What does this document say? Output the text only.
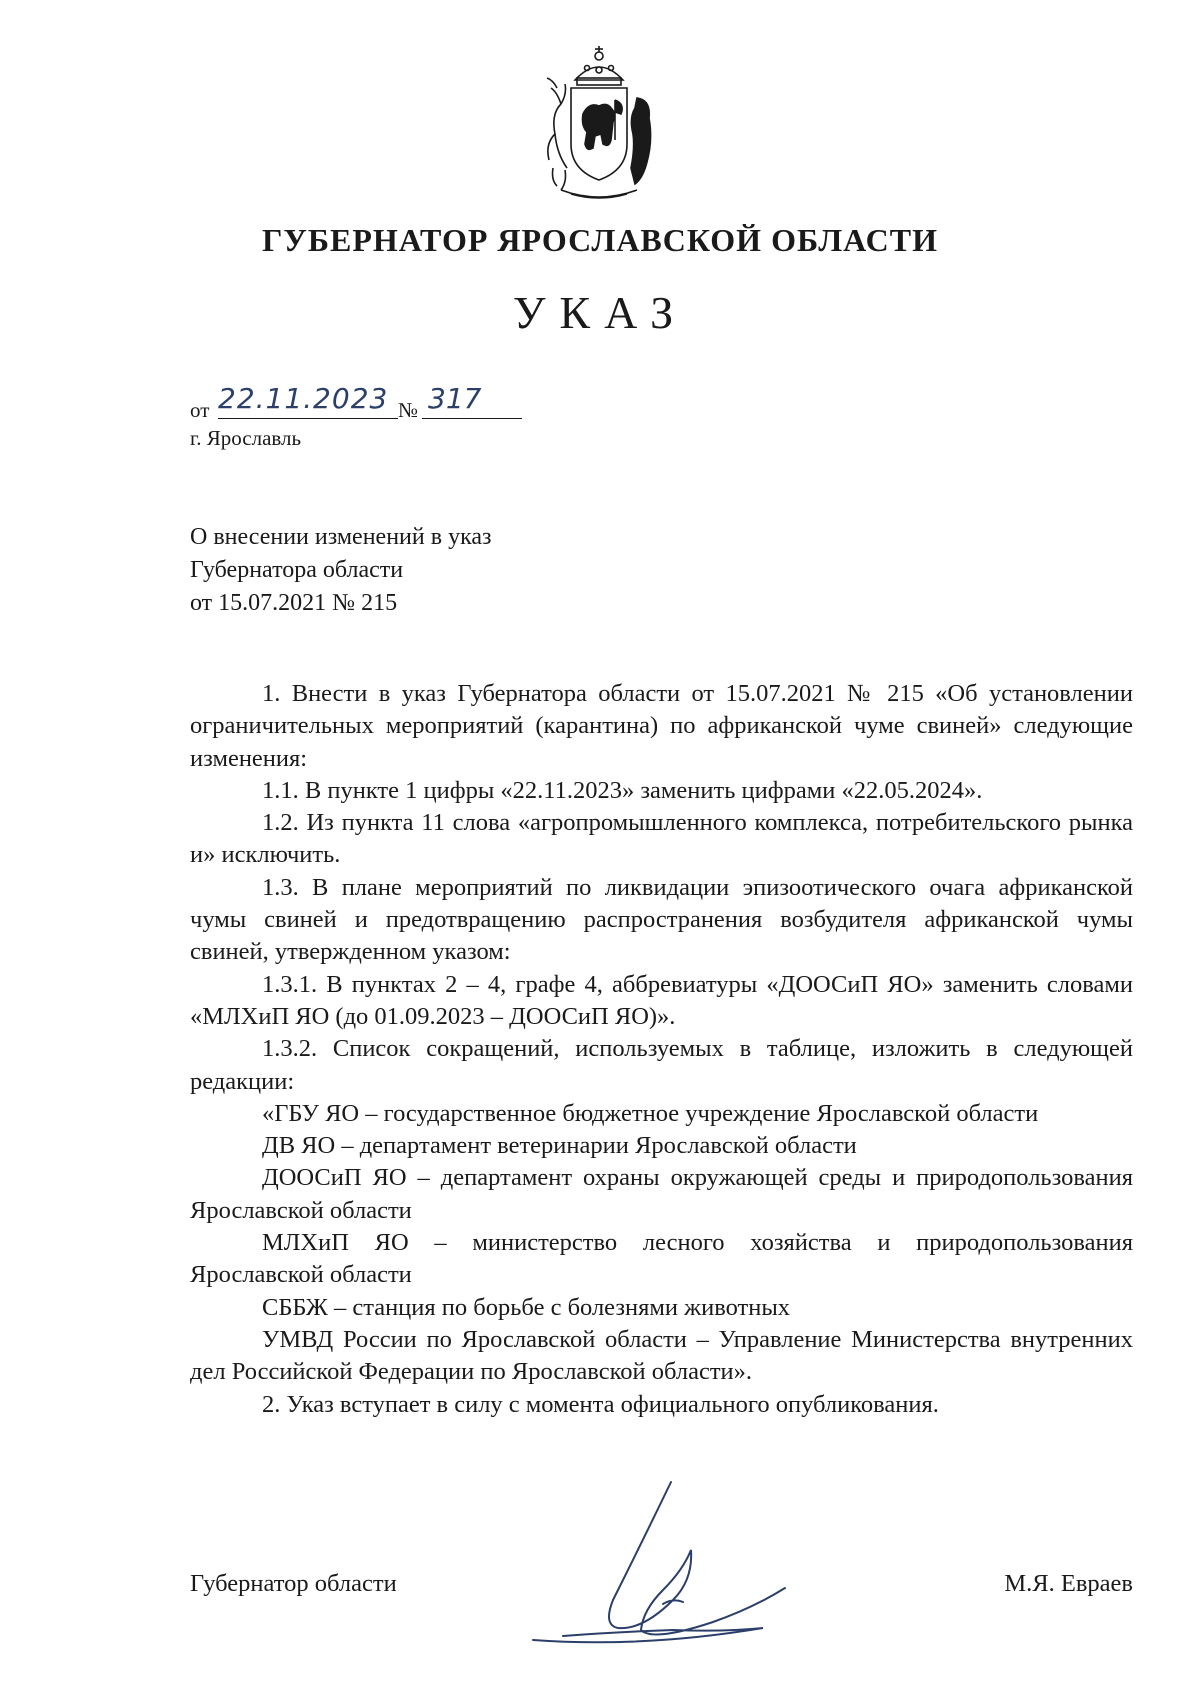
ГУБЕРНАТОР ЯРОСЛАВСКОЙ ОБЛАСТИ
УКАЗ
от 22.11.2023 № 317
г. Ярославль
О внесении изменений в указ
Губернатора области
от 15.07.2021 № 215

1. Внести в указ Губернатора области от 15.07.2021 № 215 «Об установлении ограничительных мероприятий (карантина) по африканской чуме свиней» следующие изменения:

1.1. В пункте 1 цифры «22.11.2023» заменить цифрами «22.05.2024».

1.2. Из пункта 11 слова «агропромышленного комплекса, потребительского рынка и» исключить.

1.3. В плане мероприятий по ликвидации эпизоотического очага африканской чумы свиней и предотвращению распространения возбудителя африканской чумы свиней, утвержденном указом:

1.3.1. В пунктах 2 – 4, графе 4, аббревиатуры «ДООСиП ЯО» заменить словами «МЛХиП ЯО (до 01.09.2023 – ДООСиП ЯО)».

1.3.2. Список сокращений, используемых в таблице, изложить в следующей редакции:

«ГБУ ЯО – государственное бюджетное учреждение Ярославской области

ДВ ЯО – департамент ветеринарии Ярославской области

ДООСиП ЯО – департамент охраны окружающей среды и природопользования Ярославской области

МЛХиП ЯО – министерство лесного хозяйства и природопользования Ярославской области

СББЖ – станция по борьбе с болезнями животных

УМВД России по Ярославской области – Управление Министерства внутренних дел Российской Федерации по Ярославской области».

2. Указ вступает в силу с момента официального опубликования.

Губернатор области	М.Я. Евраев
